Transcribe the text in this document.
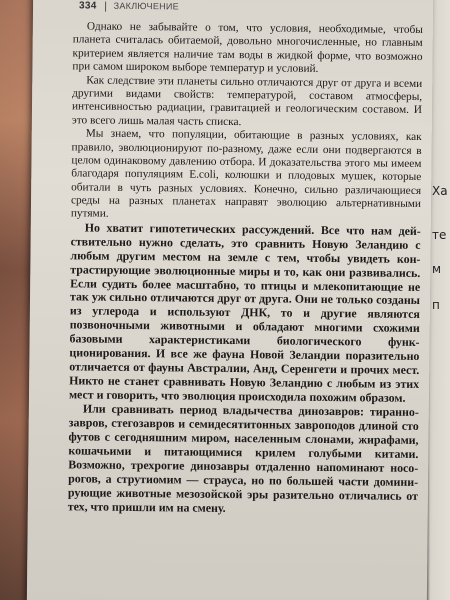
Ха
те
м
п
334 ЗАКЛЮЧЕНИЕ

Однако не забывайте о том, что условия, необходимые, чтобы планета считалась обитаемой, довольно многочисленные, но главным критерием является наличие там воды в жидкой форме, что возможно при самом широком выборе температур и условий.

Как следствие эти планеты сильно отличаются друг от друга и всеми другими видами свойств: температурой, составом атмосферы, интенсивностью радиации, гравитацией и геологическим составом. И это всего лишь малая часть списка.

Мы знаем, что популяции, обитающие в разных условиях, как правило, эволюционируют по-разному, даже если они подвергаются в целом одинаковому давлению отбора. И доказательства этого мы имеем благодаря популяциям E.coli, колюшки и плодовых мушек, которые обитали в чуть разных условиях. Конечно, сильно различающиеся среды на разных планетах направят эволюцию альтернативными путями.

Но хватит гипотетических рассуждений. Все что нам действительно нужно сделать, это сравнить Новую Зеландию с любым другим местом на земле с тем, чтобы увидеть контрастирующие эволюционные миры и то, как они развивались. Если судить более масштабно, то птицы и млекопитающие не так уж сильно отличаются друг от друга. Они не только созданы из углерода и используют ДНК, то и другие являются позвоночными животными и обладают многими схожими базовыми характеристиками биологического функционирования. И все же фауна Новой Зеландии поразительно отличается от фауны Австралии, Анд, Серенгети и прочих мест. Никто не станет сравнивать Новую Зеландию с любым из этих мест и говорить, что эволюция происходила похожим образом.

Или сравнивать период владычества динозавров: тираннозавров, стегозавров и семидесятитонных завроподов длиной сто футов с сегодняшним миром, населенным слонами, жирафами, кошачьими и питающимися крилем голубыми китами. Возможно, трехрогие динозавры отдаленно напоминают носорогов, а струтиомим — страуса, но по большей части доминирующие животные мезозойской эры разительно отличались от тех, что пришли им на смену.
